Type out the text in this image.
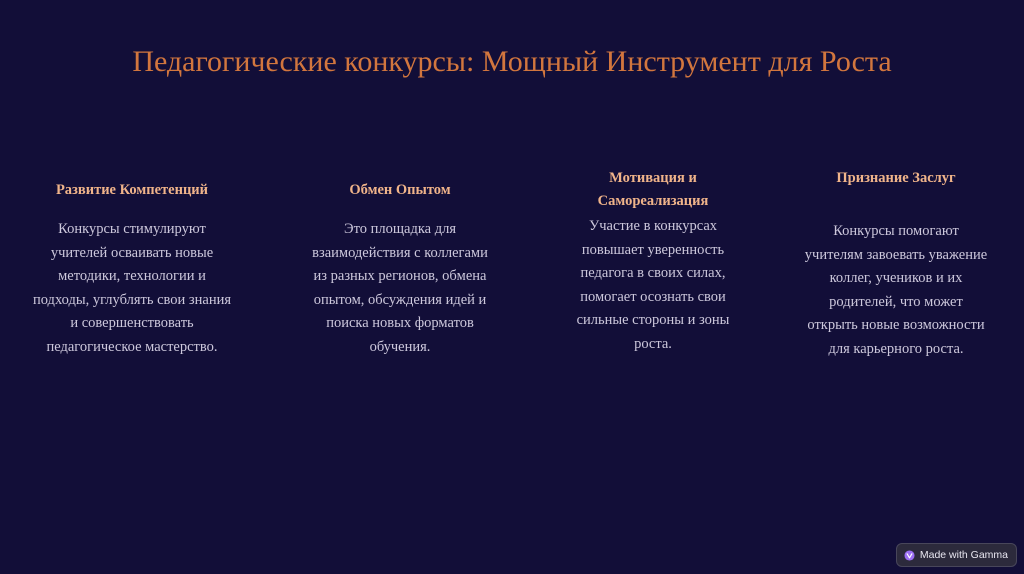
Педагогические конкурсы: Мощный Инструмент для Роста
Развитие Компетенций

Конкурсы стимулируют
учителей осваивать новые
методики, технологии и
подходы, углублять свои знания
и совершенствовать
педагогическое мастерство.

Обмен Опытом

Это площадка для
взаимодействия с коллегами
из разных регионов, обмена
опытом, обсуждения идей и
поиска новых форматов
обучения.

Мотивация и
Самореализация

Участие в конкурсах
повышает уверенность
педагога в своих силах,
помогает осознать свои
сильные стороны и зоны
роста.

Признание Заслуг

Конкурсы помогают
учителям завоевать уважение
коллег, учеников и их
родителей, что может
открыть новые возможности
для карьерного роста.

Made with Gamma
